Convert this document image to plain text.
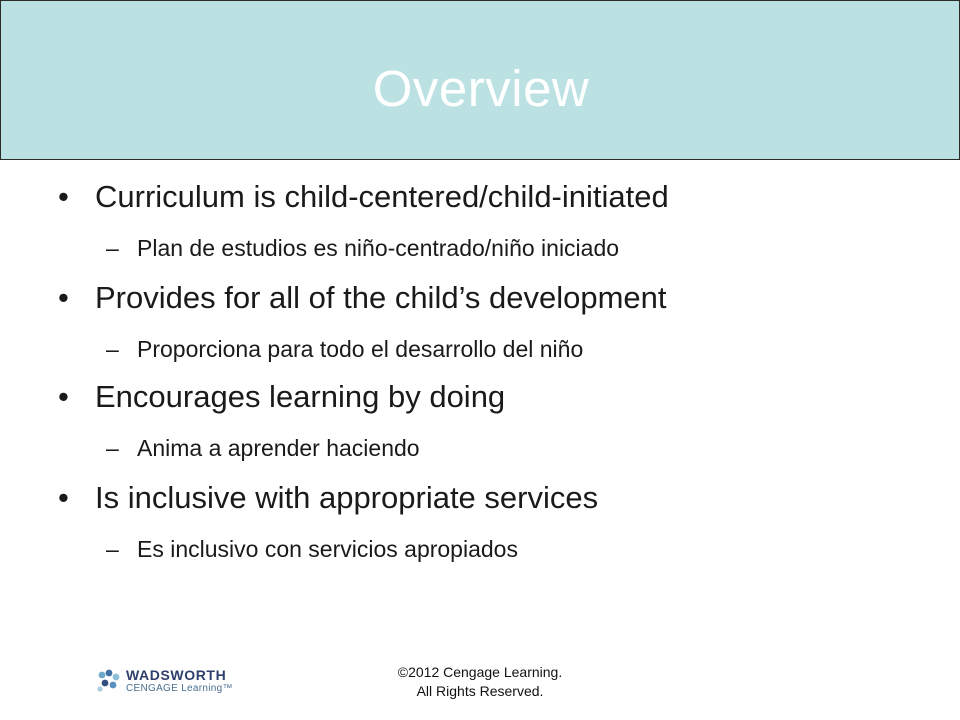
Overview
• Curriculum is child-centered/child-initiated
– Plan de estudios es niño-centrado/niño iniciado
• Provides for all of the child’s development
– Proporciona para todo el desarrollo del niño
• Encourages learning by doing
– Anima a aprender haciendo
• Is inclusive with appropriate services
– Es inclusivo con servicios apropiados
WADSWORTH
CENGAGE Learning™
©2012 Cengage Learning.
All Rights Reserved.
